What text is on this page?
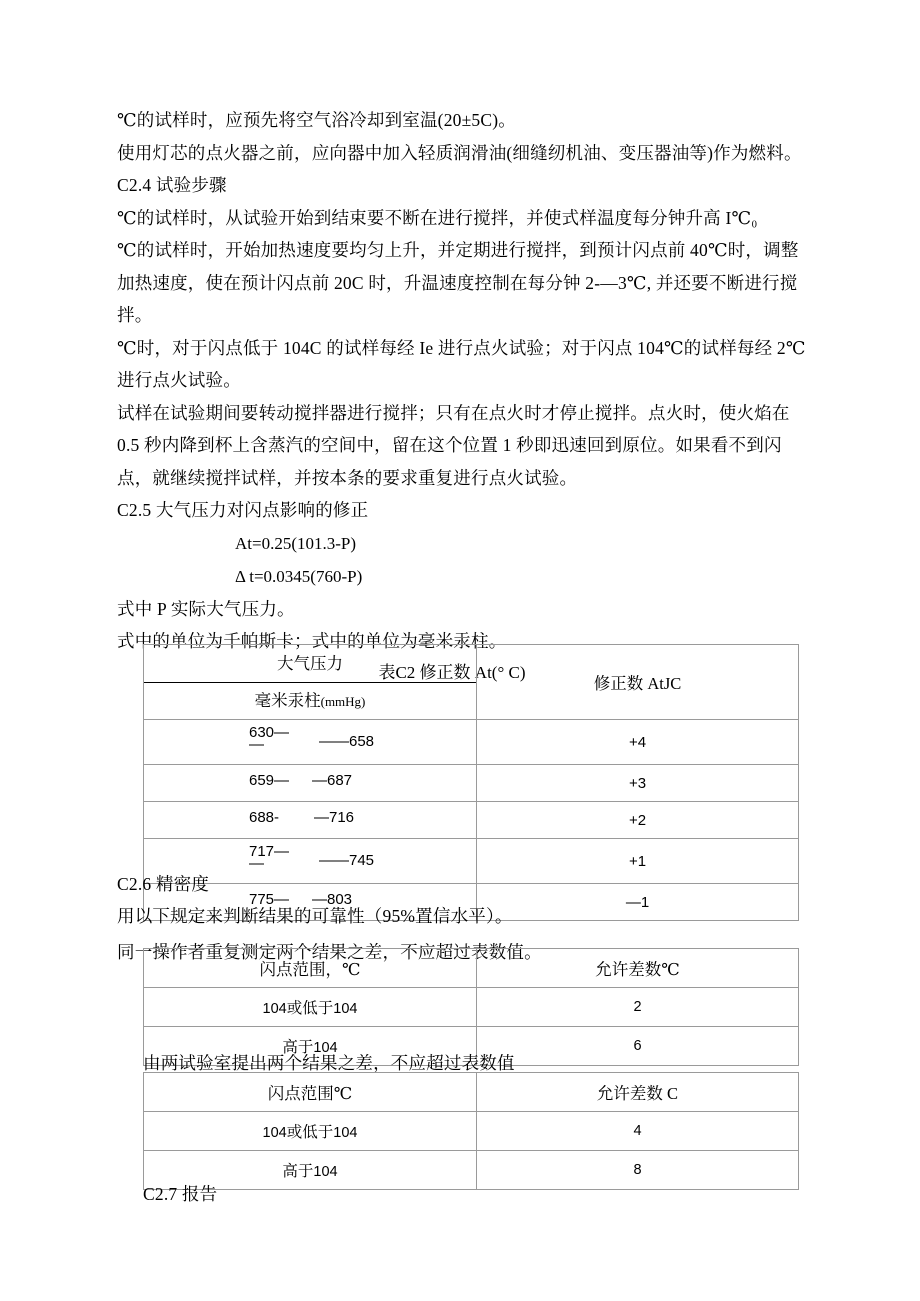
℃的试样时，应预先将空气浴冷却到室温(20±5C)。

使用灯芯的点火器之前，应向器中加入轻质润滑油(细缝纫机油、变压器油等)作为燃料。

C2.4 试验步骤

℃的试样时，从试验开始到结束要不断在进行搅拌，并使式样温度每分钟升高 I℃₀

℃的试样时，开始加热速度要均匀上升，并定期进行搅拌，到预计闪点前 40℃时，调整加热速度，使在预计闪点前 20C 时，升温速度控制在每分钟 2-—3℃, 并还要不断进行搅拌。

℃时，对于闪点低于 104C 的试样每经 Ie 进行点火试验；对于闪点 104℃的试样每经 2℃进行点火试验。

试样在试验期间要转动搅拌器进行搅拌；只有在点火时才停止搅拌。点火时，使火焰在 0.5 秒内降到杯上含蒸汽的空间中，留在这个位置 1 秒即迅速回到原位。如果看不到闪点，就继续搅拌试样，并按本条的要求重复进行点火试验。

C2.5 大气压力对闪点影响的修正

At=0.25(101.3-P)

Δ t=0.0345(760-P)

式中 P 实际大气压力。

式中的单位为千帕斯卡；式中的单位为毫米汞柱。

表C2 修正数 At(° C)

大气压力
毫米汞柱(mmHg)	修正数 AtJC

630—
— ——658	+4

659— —687	+3

688- —716	+2

717—
— ——745	+1

775— —803	—1

C2.6 精密度

用以下规定来判断结果的可靠性（95%置信水平）。

同一操作者重复测定两个结果之差，不应超过表数值。

闪点范围，℃	允许差数℃
104或低于104	2
高于104	6

由两试验室提出两个结果之差，不应超过表数值

闪点范围℃	允许差数 C
104或低于104	4
高于104	8

C2.7 报告
